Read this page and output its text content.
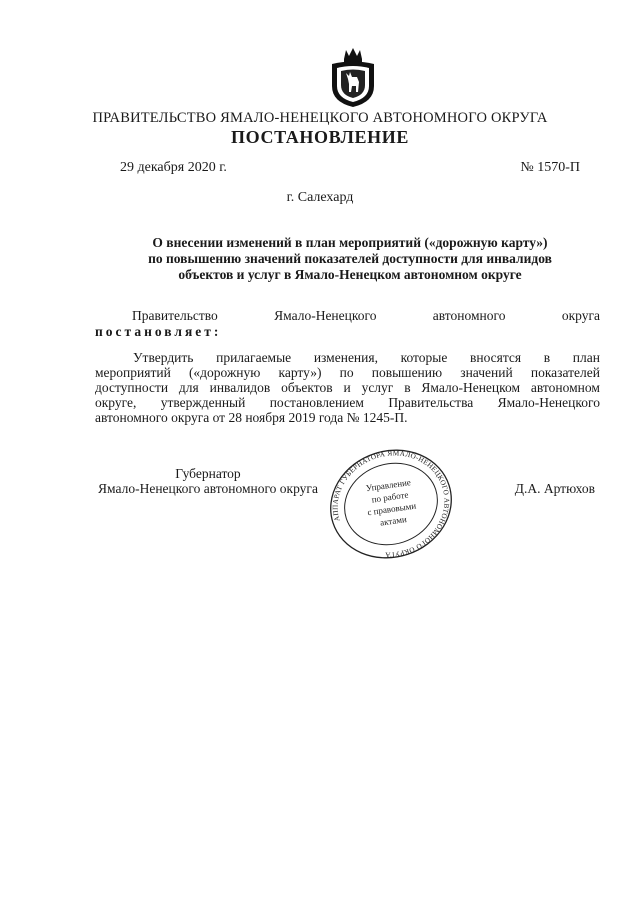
ПРАВИТЕЛЬСТВО ЯМАЛО-НЕНЕЦКОГО АВТОНОМНОГО ОКРУГА
ПОСТАНОВЛЕНИЕ
29 декабря 2020 г.	№ 1570-П
г. Салехард
О внесении изменений в план мероприятий («дорожную карту»)
по повышению значений показателей доступности для инвалидов
объектов и услуг в Ямало-Ненецком автономном округе
Правительство	Ямало-Ненецкого	автономного	округа
постановляет:
Утвердить прилагаемые изменения, которые вносятся в план
мероприятий («дорожную карту») по повышению значений показателей
доступности для инвалидов объектов и услуг в Ямало-Ненецком автономном
округе, утвержденный постановлением Правительства Ямало-Ненецкого
автономного округа от 28 ноября 2019 года № 1245-П.
Губернатор
Ямало-Ненецкого автономного округа	Д.А. Артюхов
АППАРАТ ГУБЕРНАТОРА ЯМАЛО-НЕНЕЦКОГО АВТОНОМНОГО ОКРУГА
Управление
по работе
с правовыми
актами
